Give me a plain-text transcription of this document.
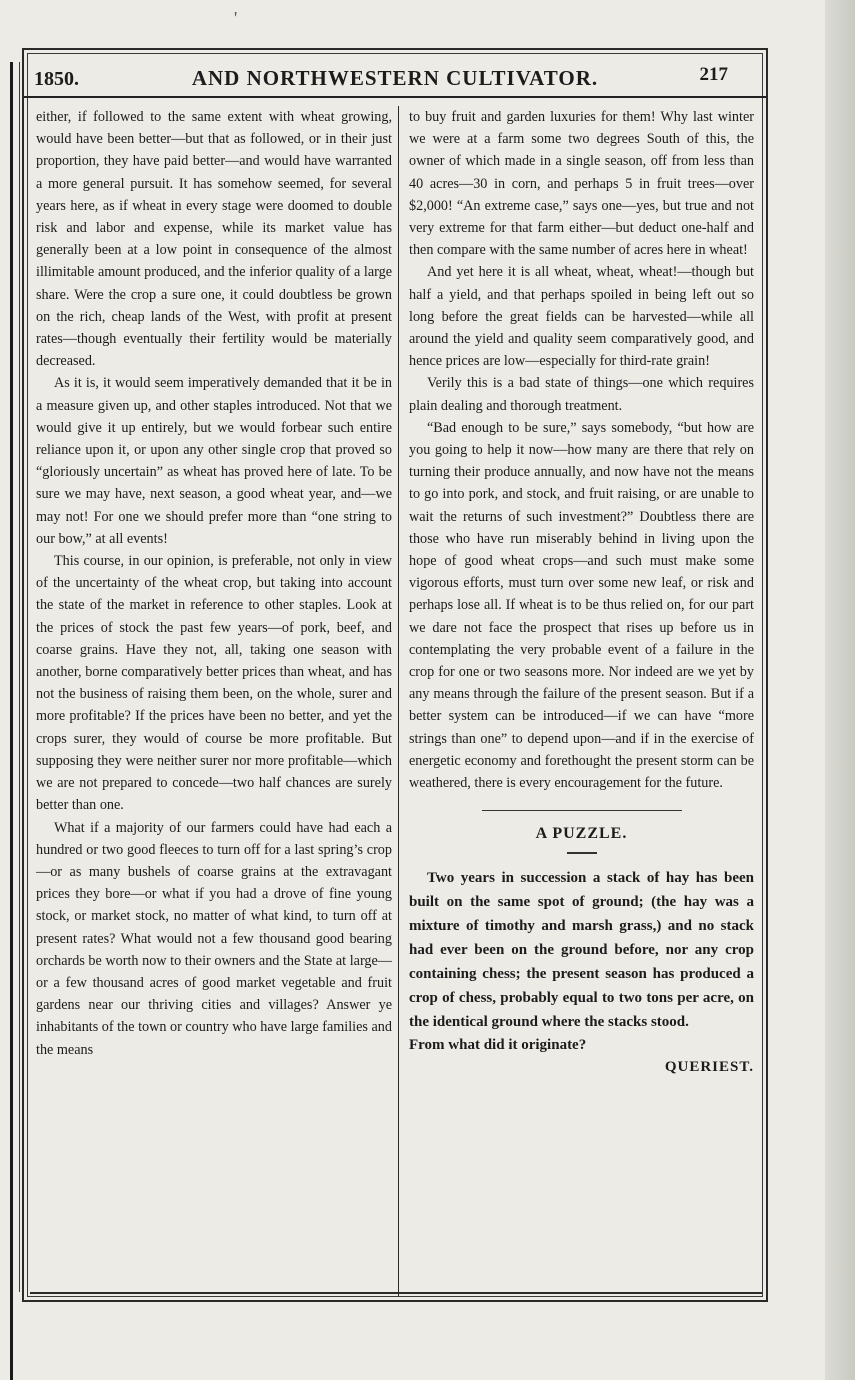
'
1850.	AND NORTHWESTERN CULTIVATOR.	217

either, if followed to the same extent with wheat growing, would have been better—but that as followed, or in their just proportion, they have paid better—and would have warranted a more general pursuit. It has somehow seemed, for several years here, as if wheat in every stage were doomed to double risk and labor and expense, while its market value has generally been at a low point in consequence of the almost illimitable amount produced, and the inferior quality of a large share. Were the crop a sure one, it could doubtless be grown on the rich, cheap lands of the West, with profit at present rates—though eventually their fertility would be materially decreased.

As it is, it would seem imperatively demanded that it be in a measure given up, and other staples introduced. Not that we would give it up entirely, but we would forbear such entire reliance upon it, or upon any other single crop that proved so “gloriously uncertain” as wheat has proved here of late. To be sure we may have, next season, a good wheat year, and—we may not! For one we should prefer more than “one string to our bow,” at all events!

This course, in our opinion, is preferable, not only in view of the uncertainty of the wheat crop, but taking into account the state of the market in reference to other staples. Look at the prices of stock the past few years—of pork, beef, and coarse grains. Have they not, all, taking one season with another, borne comparatively better prices than wheat, and has not the business of raising them been, on the whole, surer and more profitable? If the prices have been no better, and yet the crops surer, they would of course be more profitable. But supposing they were neither surer nor more profitable—which we are not prepared to concede—two half chances are surely better than one.

What if a majority of our farmers could have had each a hundred or two good fleeces to turn off for a last spring’s crop—or as many bushels of coarse grains at the extravagant prices they bore—or what if you had a drove of fine young stock, or market stock, no matter of what kind, to turn off at present rates? What would not a few thousand good bearing orchards be worth now to their owners and the State at large—or a few thousand acres of good market vegetable and fruit gardens near our thriving cities and villages? Answer ye inhabitants of the town or country who have large families and the means

to buy fruit and garden luxuries for them! Why last winter we were at a farm some two degrees South of this, the owner of which made in a single season, off from less than 40 acres—30 in corn, and perhaps 5 in fruit trees—over $2,000! “An extreme case,” says one—yes, but true and not very extreme for that farm either—but deduct one-half and then compare with the same number of acres here in wheat!

And yet here it is all wheat, wheat, wheat!—though but half a yield, and that perhaps spoiled in being left out so long before the great fields can be harvested—while all around the yield and quality seem comparatively good, and hence prices are low—especially for third-rate grain!

Verily this is a bad state of things—one which requires plain dealing and thorough treatment.

“Bad enough to be sure,” says somebody, “but how are you going to help it now—how many are there that rely on turning their produce annually, and now have not the means to go into pork, and stock, and fruit raising, or are unable to wait the returns of such investment?” Doubtless there are those who have run miserably behind in living upon the hope of good wheat crops—and such must make some vigorous efforts, must turn over some new leaf, or risk and perhaps lose all. If wheat is to be thus relied on, for our part we dare not face the prospect that rises up before us in contemplating the very probable event of a failure in the crop for one or two seasons more. Nor indeed are we yet by any means through the failure of the present season. But if a better system can be introduced—if we can have “more strings than one” to depend upon—and if in the exercise of energetic economy and forethought the present storm can be weathered, there is every encouragement for the future.

A PUZZLE.

Two years in succession a stack of hay has been built on the same spot of ground; (the hay was a mixture of timothy and marsh grass,) and no stack had ever been on the ground before, nor any crop containing chess; the present season has produced a crop of chess, probably equal to two tons per acre, on the identical ground where the stacks stood.

From what did it originate?

QUERIEST.
